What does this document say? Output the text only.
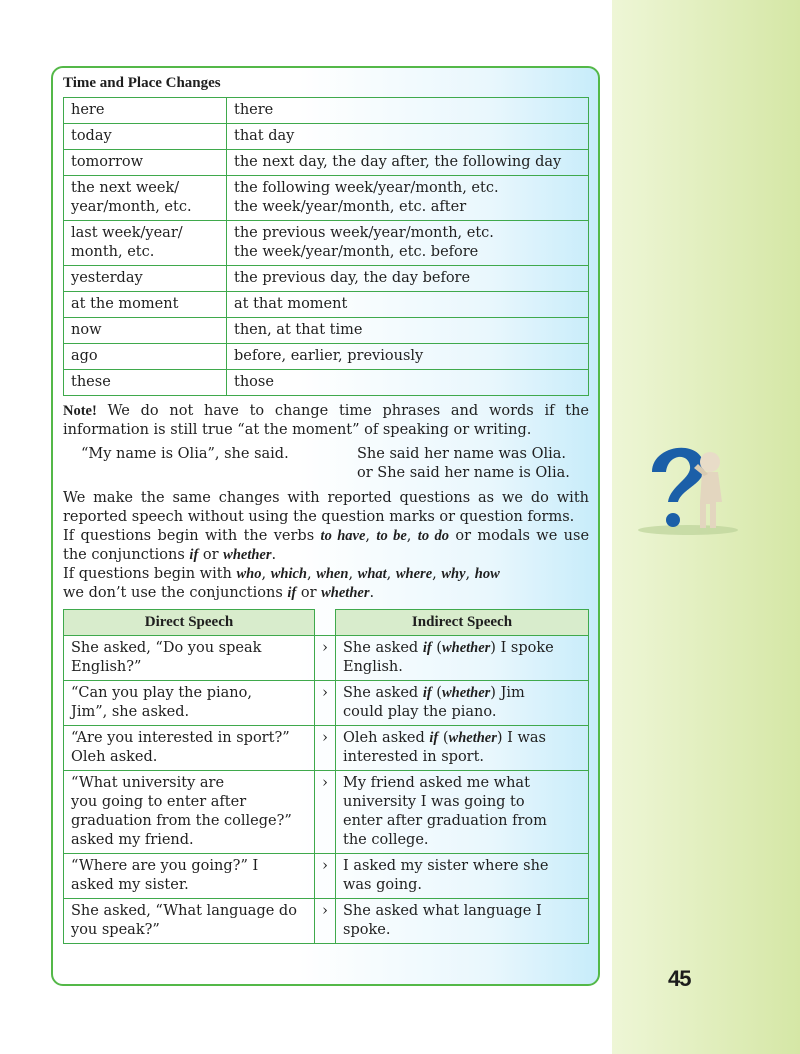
Time and Place Changes
here	there
today	that day
tomorrow	the next day, the day after, the following day
the next week/
year/month, etc.	the following week/year/month, etc.
the week/year/month, etc. after
last week/year/
month, etc.	the previous week/year/month, etc.
the week/year/month, etc. before
yesterday	the previous day, the day before
at the moment	at that moment
now	then, at that time
ago	before, earlier, previously
these	those
Note! We do not have to change time phrases and words if the information is still true “at the moment” of speaking or writing.
“My name is Olia”, she said.	She said her name was Olia.
or She said her name is Olia.

We make the same changes with reported questions as we do with reported speech without using the question marks or question forms.

If questions begin with the verbs to have, to be, to do or modals we use the conjunctions if or whether.

If questions begin with who, which, when, what, where, why, how
we don’t use the conjunctions if or whether.

Direct Speech		Indirect Speech
She asked, “Do you speak
English?”	›	She asked if (whether) I spoke
English.
“Can you play the piano,
Jim”, she asked.	›	She asked if (whether) Jim
could play the piano.
“Are you interested in sport?”
Oleh asked.	›	Oleh asked if (whether) I was
interested in sport.
“What university are
you going to enter after
graduation from the college?”
asked my friend.	›	My friend asked me what
university I was going to
enter after graduation from
the college.
“Where are you going?” I
asked my sister.	›	I asked my sister where she
was going.
She asked, “What language do
you speak?”	›	She asked what language I
spoke.
45
